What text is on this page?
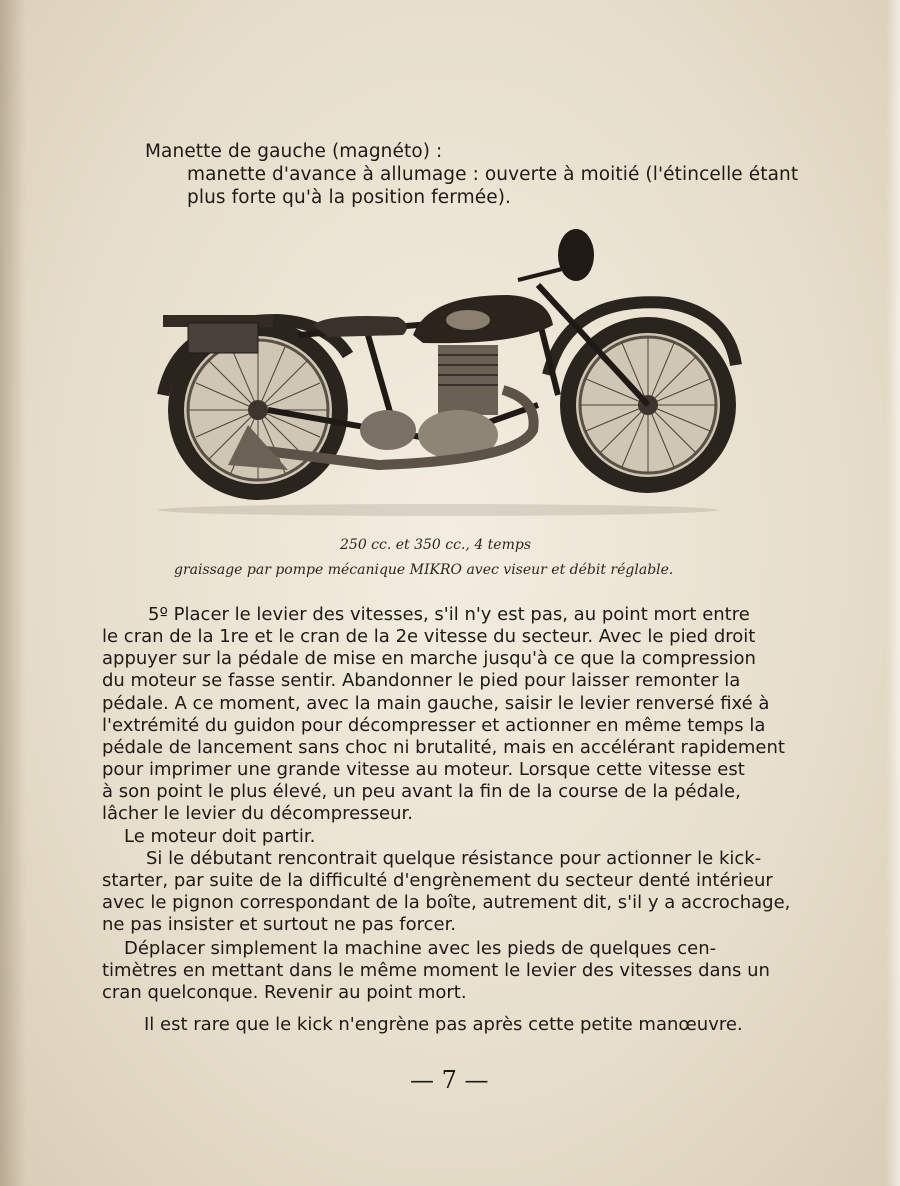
Manette de gauche (magnéto) :
manette d'avance à allumage : ouverte à moitié (l'étincelle étant
plus forte qu'à la position fermée).
250 cc. et 350 cc., 4 temps
graissage par pompe mécanique MIKRO avec viseur et débit réglable.
5º Placer le levier des vitesses, s'il n'y est pas, au point mort entre
le cran de la 1re et le cran de la 2e vitesse du secteur. Avec le pied droit
appuyer sur la pédale de mise en marche jusqu'à ce que la compression
du moteur se fasse sentir. Abandonner le pied pour laisser remonter la
pédale. A ce moment, avec la main gauche, saisir le levier renversé fixé à
l'extrémité du guidon pour décompresser et actionner en même temps la
pédale de lancement sans choc ni brutalité, mais en accélérant rapidement
pour imprimer une grande vitesse au moteur. Lorsque cette vitesse est
à son point le plus élevé, un peu avant la fin de la course de la pédale,
lâcher le levier du décompresseur.
Le moteur doit partir.
Si le débutant rencontrait quelque résistance pour actionner le kick-
starter, par suite de la difficulté d'engrènement du secteur denté intérieur
avec le pignon correspondant de la boîte, autrement dit, s'il y a accrochage,
ne pas insister et surtout ne pas forcer.
Déplacer simplement la machine avec les pieds de quelques cen-
timètres en mettant dans le même moment le levier des vitesses dans un
cran quelconque. Revenir au point mort.
Il est rare que le kick n'engrène pas après cette petite manœuvre.
— 7 —
